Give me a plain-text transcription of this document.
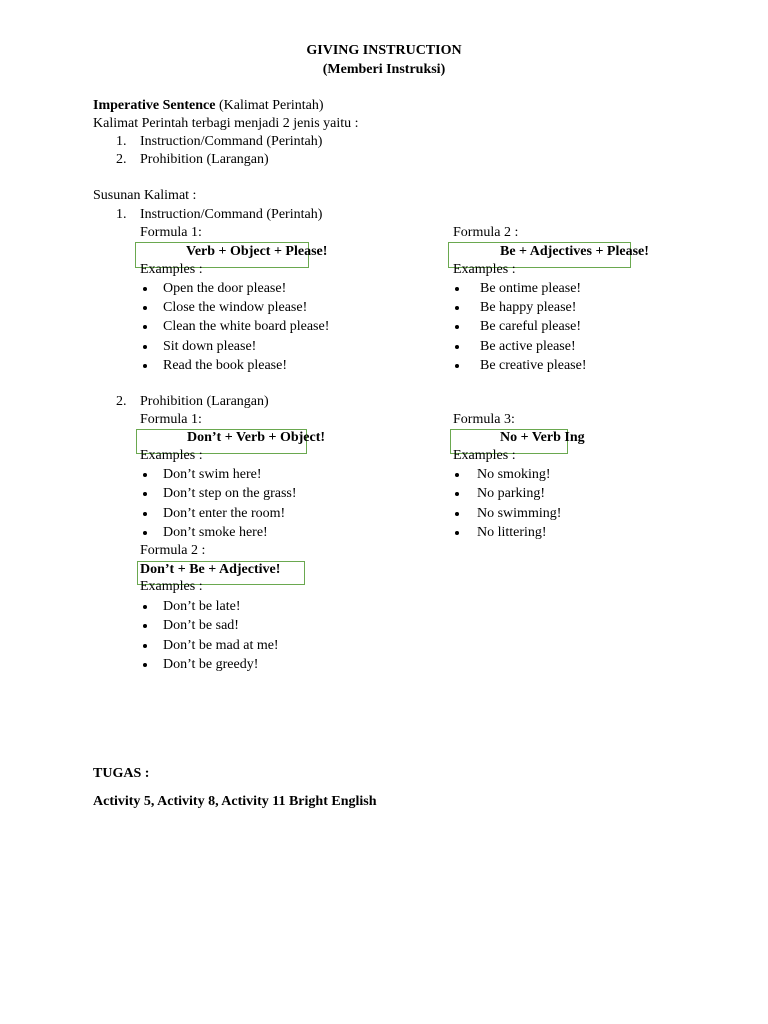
GIVING INSTRUCTION
(Memberi Instruksi)
Imperative Sentence (Kalimat Perintah)
Kalimat Perintah terbagi menjadi 2 jenis yaitu :
1. Instruction/Command (Perintah)
2. Prohibition (Larangan)
Susunan Kalimat :
1. Instruction/Command (Perintah)
Formula 1:
Verb + Object + Please!
Examples :
Open the door please!
Close the window please!
Clean the white board please!
Sit down please!
Read the book please!
Formula 2 :
Be + Adjectives + Please!
Examples :
Be ontime please!
Be happy please!
Be careful please!
Be active please!
Be creative please!
2. Prohibition (Larangan)
Formula 1:
Don’t + Verb + Object!
Examples :
Don’t swim here!
Don’t step on the grass!
Don’t enter the room!
Don’t smoke here!
Formula 3:
No + Verb Ing
Examples :
No smoking!
No parking!
No swimming!
No littering!
Formula 2 :
Don’t + Be + Adjective!
Examples :
Don’t be late!
Don’t be sad!
Don’t be mad at me!
Don’t be greedy!
TUGAS :
Activity 5, Activity 8, Activity 11 Bright English
